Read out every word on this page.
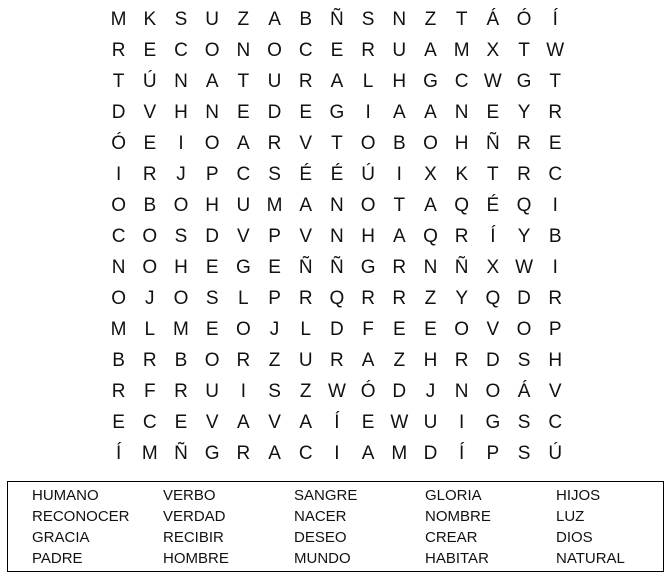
M K S U Z	A B Ñ S N Z	T	Á Ó	Í
R E C O N O C E R U A M X	T W
T Ú N A	T U R A	L	H G C W G T
D V H N E D E G	I	A A N E Y R
Ó E	I	O A R V	T O B O H Ñ R E
I	R	J	P C S É É Ú	I	X K	T R C
O B O H U M A N O T	A Q É Q	I
C O S D V P V N H A Q R	Í	Y B
N O H E G E Ñ Ñ G R N Ñ X W	I
O	J	O S	L	P R Q R R Z	Y Q D R
M L M E O	J	L	D F	E E O V O P
B R B O R Z U R A	Z H R D S H
R F R U	I	S	Z W Ó D	J	N O Á V
E C E V A V A	Í	E W U	I	G S C
Í	M Ñ G R A C	I	A M D	Í	P S Ú
HUMANO	VERBO	SANGRE	GLORIA	HIJOS
RECONOCER	VERDAD	NACER	NOMBRE	LUZ
GRACIA	RECIBIR	DESEO	CREAR	DIOS
PADRE	HOMBRE	MUNDO	HABITAR	NATURAL
